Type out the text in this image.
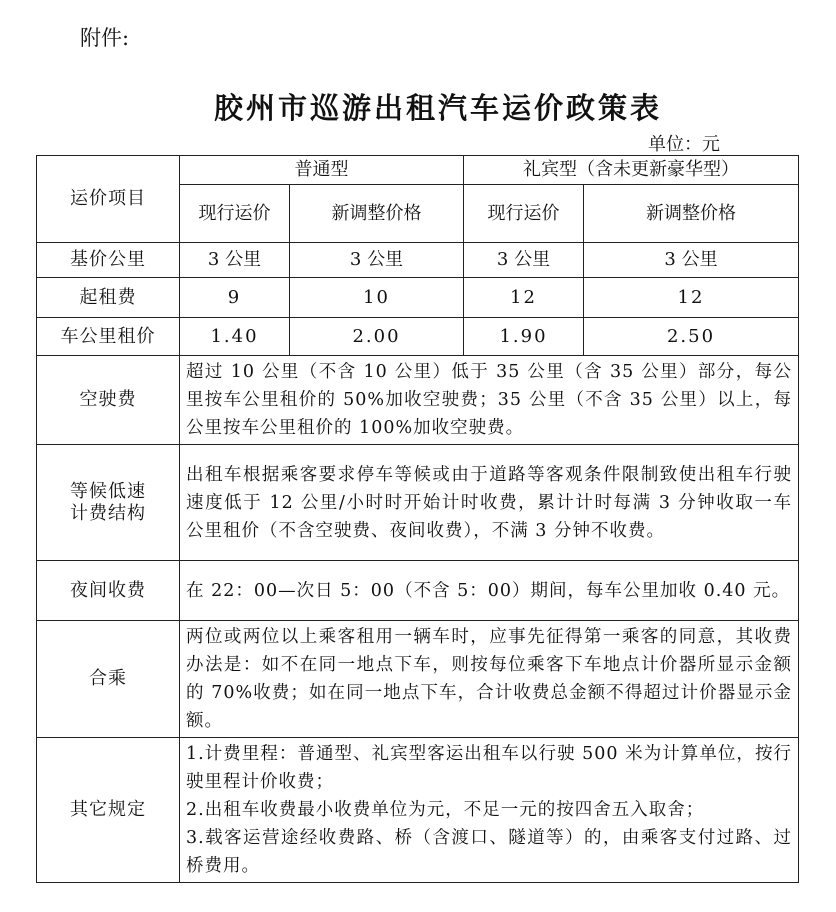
附件:
胶州市巡游出租汽车运价政策表
单位：元
运价项目	普通型		礼宾型（含未更新豪华型）	
	现行运价	新调整价格	现行运价	新调整价格
基价公里	3 公里	3 公里	3 公里	3 公里
起租费	9	10	12	12
车公里租价	1.40	2.00	1.90	2.50
空驶费	超过 10 公里（不含 10 公里）低于 35 公里（含 35 公里）部分，每公里按车公里租价的 50%加收空驶费；35 公里（不含 35 公里）以上，每公里按车公里租价的 100%加收空驶费。			

等候低速
计费结构	出租车根据乘客要求停车等候或由于道路等客观条件限制致使出租车行驶速度低于 12 公里/小时时开始计时收费，累计计时每满 3 分钟收取一车公里租价（不含空驶费、夜间收费），不满 3 分钟不收费。			
夜间收费	在 22：00—次日 5：00（不含 5：00）期间，每车公里加收 0.40 元。			
合乘	两位或两位以上乘客租用一辆车时，应事先征得第一乘客的同意，其收费办法是：如不在同一地点下车，则按每位乘客下车地点计价器所显示金额的 70%收费；如在同一地点下车，合计收费总金额不得超过计价器显示金额。			
其它规定	1.计费里程：普通型、礼宾型客运出租车以行驶 500 米为计算单位，按行驶里程计价收费；
2.出租车收费最小收费单位为元，不足一元的按四舍五入取舍；
3.载客运营途经收费路、桥（含渡口、隧道等）的，由乘客支付过路、过桥费用。			
